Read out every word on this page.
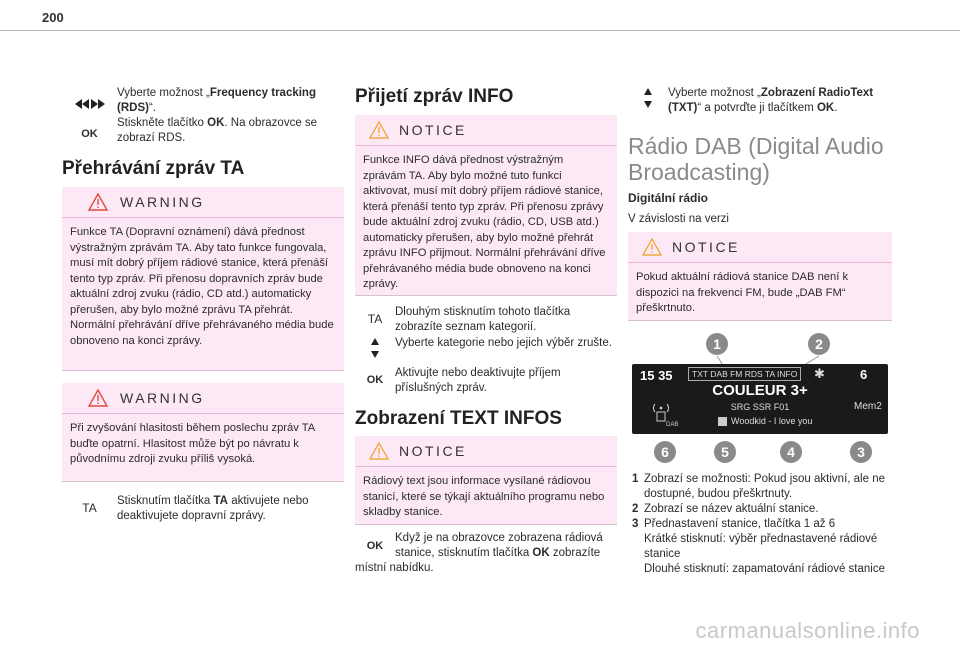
200
OK
Vyberte možnost „Frequency tracking (RDS)“.
Stiskněte tlačítko OK. Na obrazovce se zobrazí RDS.
Přehrávání zpráv TA
WARNING
Funkce TA (Dopravní oznámení) dává přednost výstražným zprávám TA. Aby tato funkce fungovala, musí mít dobrý příjem rádiové stanice, která přenáší tento typ zpráv. Při přenosu dopravních zpráv bude aktuální zdroj zvuku (rádio, CD atd.) automaticky přerušen, aby bylo možné zprávu TA přehrát. Normální přehrávání dříve přehrávaného média bude obnoveno na konci zprávy.
WARNING
Při zvyšování hlasitosti během poslechu zpráv TA buďte opatrní. Hlasitost může být po návratu k původnímu zdroji zvuku příliš vysoká.
TA	Stisknutím tlačítka TA aktivujete nebo deaktivujete dopravní zprávy.
Přijetí zpráv INFO
NOTICE
Funkce INFO dává přednost výstražným zprávám TA. Aby bylo možné tuto funkci aktivovat, musí mít dobrý příjem rádiové stanice, která přenáší tento typ zpráv. Při přenosu zprávy bude aktuální zdroj zvuku (rádio, CD, USB atd.) automaticky přerušen, aby bylo možné přehrát zprávu INFO přijmout. Normální přehrávání dříve přehrávaného média bude obnoveno na konci zprávy.
TA	Dlouhým stisknutím tohoto tlačítka zobrazíte seznam kategorií.
Vyberte kategorie nebo jejich výběr zrušte.
OK
Aktivujte nebo deaktivujte příjem příslušných zpráv.
Zobrazení TEXT INFOS
NOTICE
Rádiový text jsou informace vysílané rádiovou stanicí, které se týkají aktuálního programu nebo skladby stanice.
OK
Když je na obrazovce zobrazena rádiová stanice, stisknutím tlačítka OK zobrazíte místní nabídku.
Vyberte možnost „Zobrazení RadioText (TXT)“ a potvrďte ji tlačítkem OK.
Rádio DAB (Digital Audio Broadcasting)
Digitální rádio
V závislosti na verzi
NOTICE
Pokud aktuální rádiová stanice DAB není k dispozici na frekvenci FM, bude „DAB FM“ přeškrtnuto.
1	2
15 35	TXT DAB FM RDS TA INFO	✱	6
COULEUR 3+
SRG SSR F01	Mem2
DAB	Woodkid - I love you
6	5	4	3
1 Zobrazí se možnosti: Pokud jsou aktivní, ale ne dostupné, budou přeškrtnuty.
2 Zobrazí se název aktuální stanice.
3 Přednastavení stanice, tlačítka 1 až 6
Krátké stisknutí: výběr přednastavené rádiové stanice
Dlouhé stisknutí: zapamatování rádiové stanice
carmanualsonline.info
